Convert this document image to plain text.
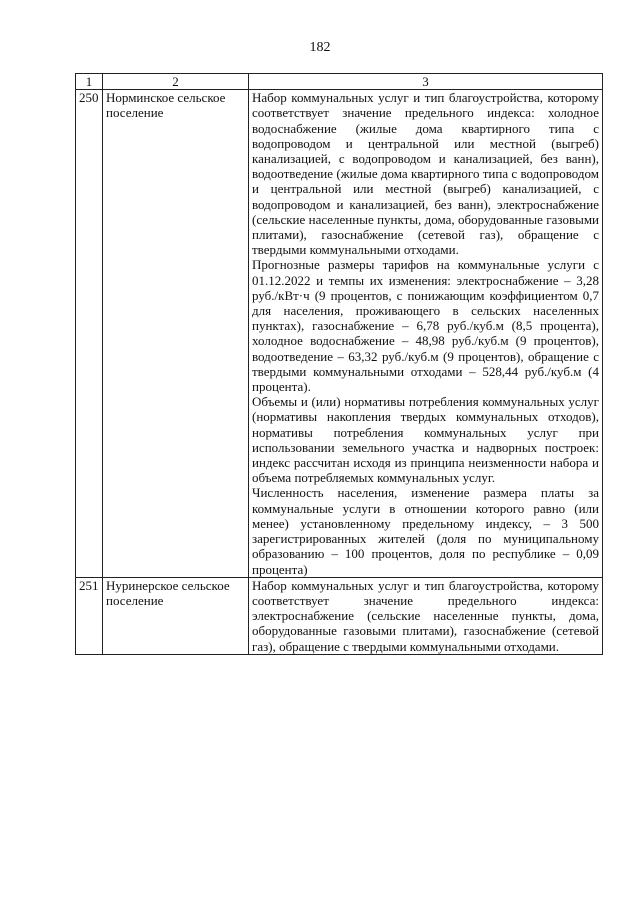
182
1	2	3
250	Норминское сельское поселение	Набор коммунальных услуг и тип благоустройства, которому соответствует значение предельного индекса: холодное водоснабжение (жилые дома квартирного типа с водопроводом и центральной или местной (выгреб) канализацией, с водопроводом и канализацией, без ванн), водоотведение (жилые дома квартирного типа с водопроводом и центральной или местной (выгреб) канализацией, с водопроводом и канализацией, без ванн), электроснабжение (сельские населенные пункты, дома, оборудованные газовыми плитами), газоснабжение (сетевой газ), обращение с твердыми коммунальными отходами.

Прогнозные размеры тарифов на коммунальные услуги с 01.12.2022 и темпы их изменения: электроснабжение – 3,28 руб./кВт·ч (9 процентов, с понижающим коэффициентом 0,7 для населения, проживающего в сельских населенных пунктах), газоснабжение – 6,78 руб./куб.м (8,5 процента), холодное водоснабжение – 48,98 руб./куб.м (9 процентов), водоотведение – 63,32 руб./куб.м (9 процентов), обращение с твердыми коммунальными отходами – 528,44 руб./куб.м (4 процента).

Объемы и (или) нормативы потребления коммунальных услуг (нормативы накопления твердых коммунальных отходов), нормативы потребления коммунальных услуг при использовании земельного участка и надворных построек: индекс рассчитан исходя из принципа неизменности набора и объема потребляемых коммунальных услуг.

Численность населения, изменение размера платы за коммунальные услуги в отношении которого равно (или менее) установленному предельному индексу, – 3 500 зарегистрированных жителей (доля по муниципальному образованию – 100 процентов, доля по республике – 0,09 процента)

251	Нуринерское сельское поселение	Набор коммунальных услуг и тип благоустройства, которому соответствует значение предельного индекса: электроснабжение (сельские населенные пункты, дома, оборудованные газовыми плитами), газоснабжение (сетевой газ), обращение с твердыми коммунальными отходами.
